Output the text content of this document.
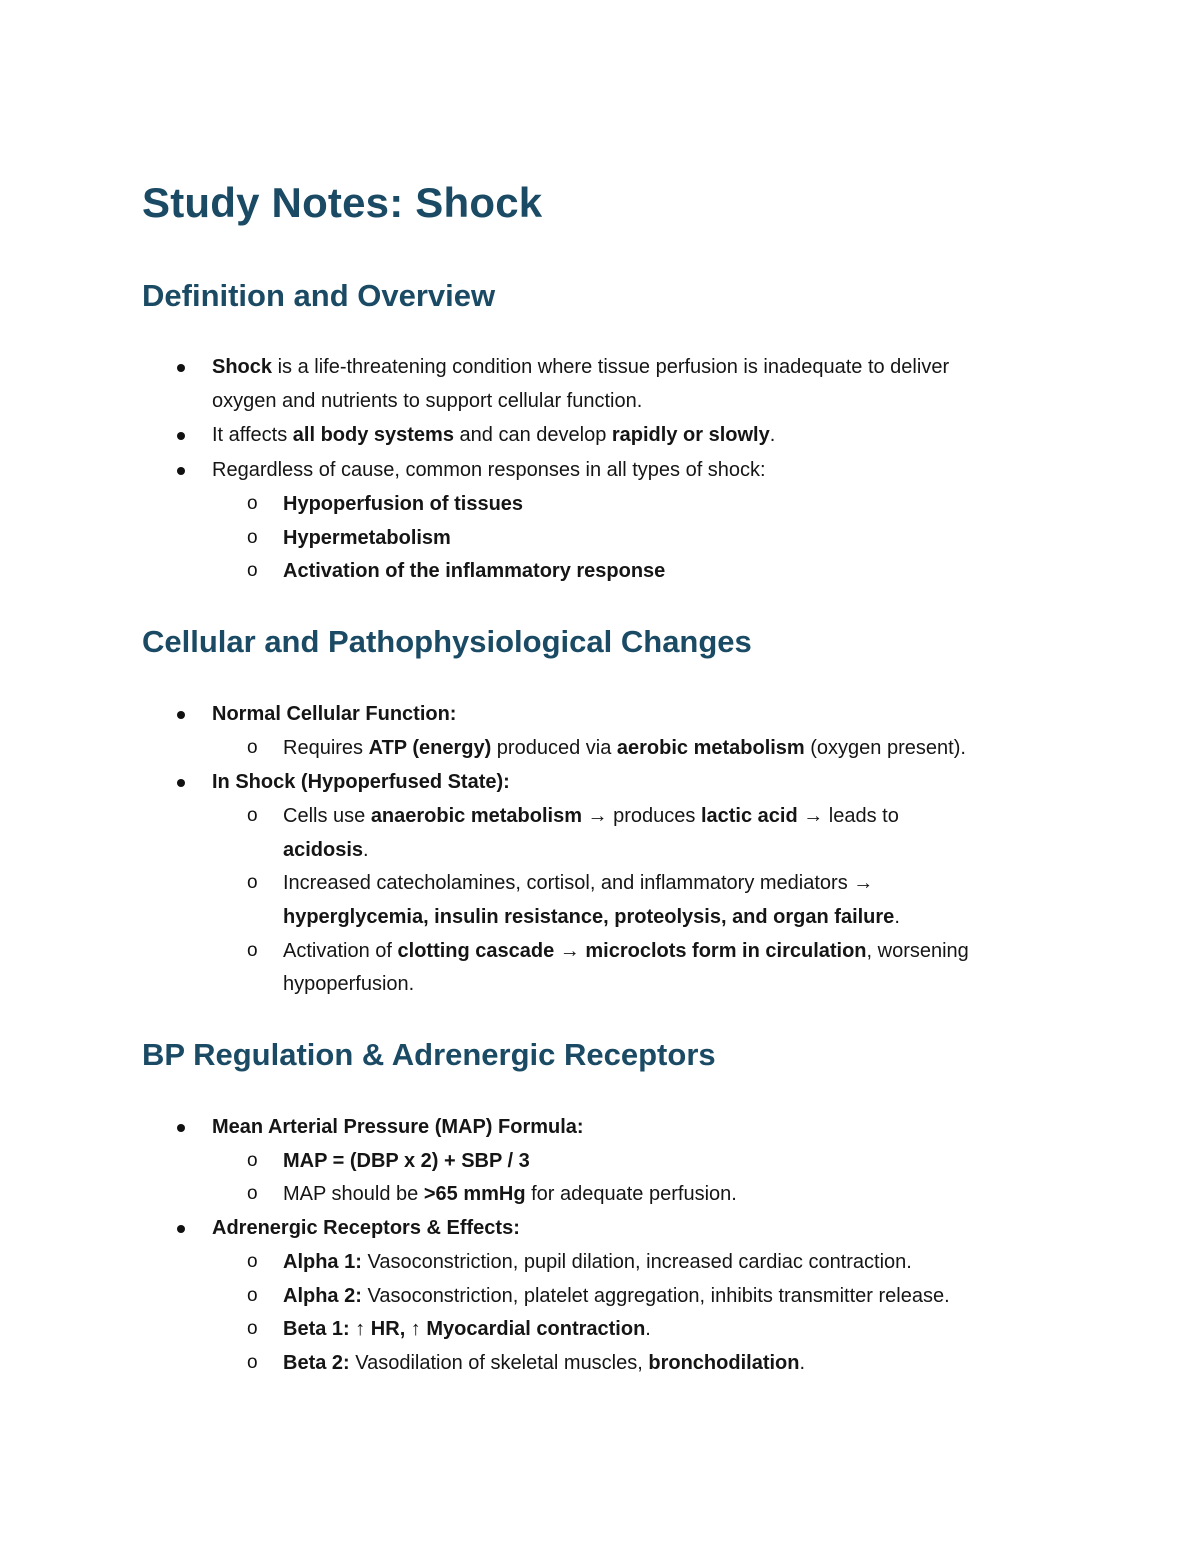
Study Notes: Shock
Definition and Overview
Shock is a life-threatening condition where tissue perfusion is inadequate to deliver
oxygen and nutrients to support cellular function.
It affects all body systems and can develop rapidly or slowly.
Regardless of cause, common responses in all types of shock:
o Hypoperfusion of tissues
o Hypermetabolism
o Activation of the inflammatory response
Cellular and Pathophysiological Changes
Normal Cellular Function:
o Requires ATP (energy) produced via aerobic metabolism (oxygen present).
In Shock (Hypoperfused State):
o Cells use anaerobic metabolism → produces lactic acid → leads to
acidosis.
o Increased catecholamines, cortisol, and inflammatory mediators →
hyperglycemia, insulin resistance, proteolysis, and organ failure.
o Activation of clotting cascade → microclots form in circulation, worsening
hypoperfusion.
BP Regulation & Adrenergic Receptors
Mean Arterial Pressure (MAP) Formula:
o MAP = (DBP x 2) + SBP / 3
o MAP should be >65 mmHg for adequate perfusion.
Adrenergic Receptors & Effects:
o Alpha 1: Vasoconstriction, pupil dilation, increased cardiac contraction.
o Alpha 2: Vasoconstriction, platelet aggregation, inhibits transmitter release.
o Beta 1: ↑ HR, ↑ Myocardial contraction.
o Beta 2: Vasodilation of skeletal muscles, bronchodilation.
